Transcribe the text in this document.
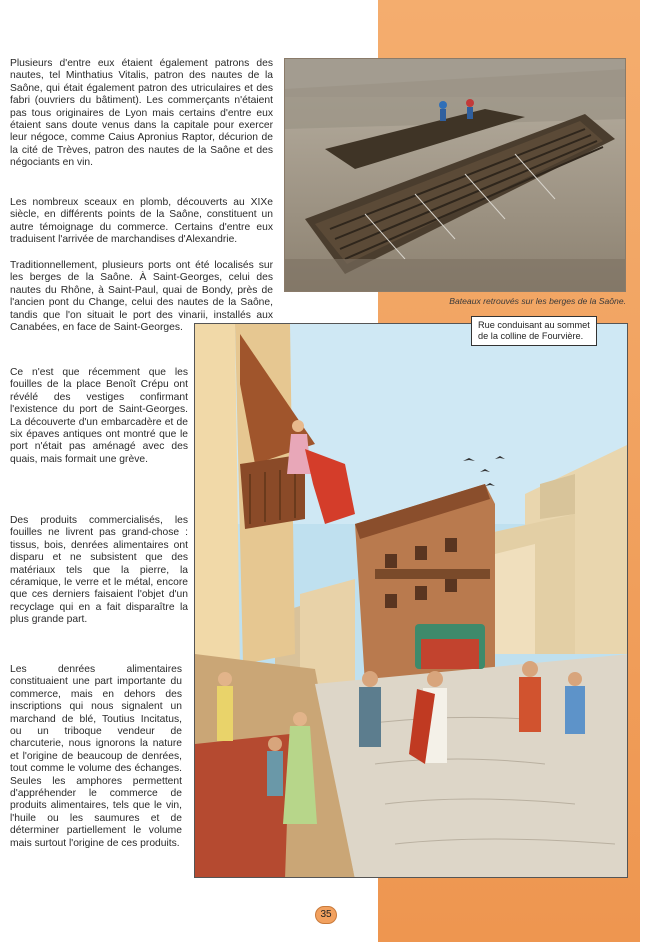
Plusieurs d'entre eux étaient également patrons des nautes, tel Minthatius Vitalis, patron des nautes de la Saône, qui était également patron des utriculaires et des fabri (ouvriers du bâtiment). Les commerçants n'étaient pas tous originaires de Lyon mais certains d'entre eux étaient sans doute venus dans la capitale pour exercer leur négoce, comme Caius Apronius Raptor, décurion de la cité de Trèves, patron des nautes de la Saône et des négociants en vin.

Les nombreux sceaux en plomb, découverts au XIXe siècle, en différents points de la Saône, constituent un autre témoignage du commerce. Certains d'entre eux traduisent l'arrivée de marchandises d'Alexandrie.

Traditionnellement, plusieurs ports ont été localisés sur les berges de la Saône. À Saint-Georges, celui des nautes du Rhône, à Saint-Paul, quai de Bondy, près de l'ancien pont du Change, celui des nautes de la Saône, tandis que l'on situait le port des vinarii, installés aux Canabées, en face de Saint-Georges.

Ce n'est que récemment que les fouilles de la place Benoît Crépu ont révélé des vestiges confirmant l'existence du port de Saint-Georges. La découverte d'un embarcadère et de six épaves antiques ont montré que le port n'était pas aménagé avec des quais, mais formait une grève.

Des produits commercialisés, les fouilles ne livrent pas grand-chose : tissus, bois, denrées alimentaires ont disparu et ne subsistent que des matériaux tels que la pierre, la céramique, le verre et le métal, encore que ces derniers faisaient l'objet d'un recyclage qui en a fait disparaître la plus grande part.

Les denrées alimentaires constituaient une part importante du commerce, mais en dehors des inscriptions qui nous signalent un marchand de blé, Toutius Incitatus, ou un triboque vendeur de charcuterie, nous ignorons la nature et l'origine de beaucoup de denrées, tout comme le volume des échanges. Seules les amphores permettent d'appréhender le commerce de produits alimentaires, tels que le vin, l'huile ou les saumures et de déterminer partiellement le volume mais surtout l'origine de ces produits.

Bateaux retrouvés sur les berges de la Saône.
Rue conduisant au sommet de la colline de Fourvière.
35
